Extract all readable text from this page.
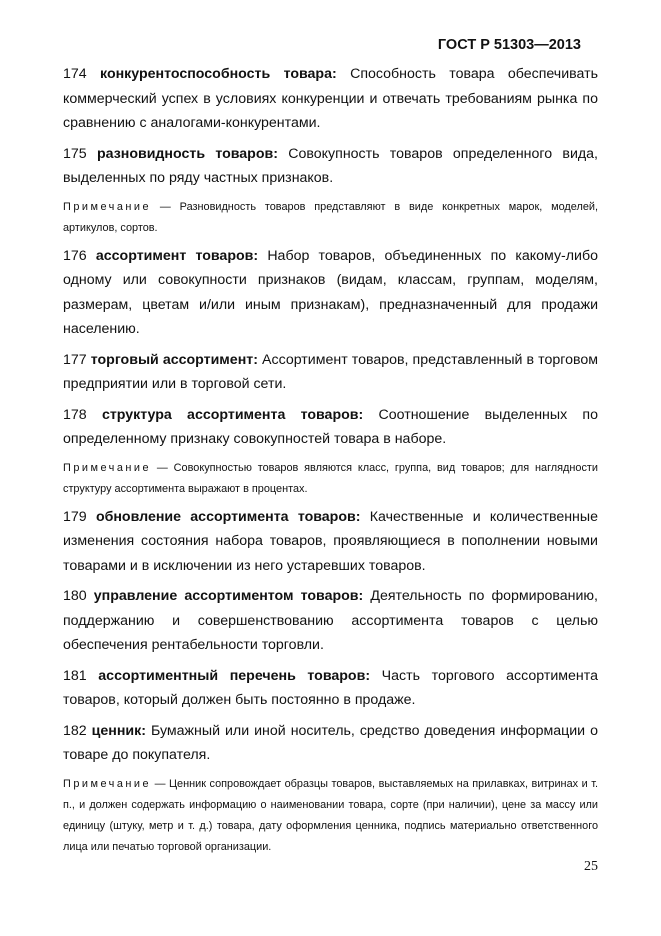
ГОСТ Р 51303—2013

174 конкурентоспособность товара: Способность товара обеспечивать коммерческий успех в условиях конкуренции и отвечать требованиям рынка по сравнению с аналогами-конкурентами.

175 разновидность товаров: Совокупность товаров определенного вида, выделенных по ряду частных признаков.

Примечание — Разновидность товаров представляют в виде конкретных марок, моделей, артикулов, сортов.

176 ассортимент товаров: Набор товаров, объединенных по какому-либо одному или совокупности признаков (видам, классам, группам, моделям, размерам, цветам и/или иным признакам), предназначенный для продажи населению.

177 торговый ассортимент: Ассортимент товаров, представленный в торговом предприятии или в торговой сети.

178 структура ассортимента товаров: Соотношение выделенных по определенному признаку совокупностей товара в наборе.

Примечание — Совокупностью товаров являются класс, группа, вид товаров; для наглядности структуру ассортимента выражают в процентах.

179 обновление ассортимента товаров: Качественные и количественные изменения состояния набора товаров, проявляющиеся в пополнении новыми товарами и в исключении из него устаревших товаров.

180 управление ассортиментом товаров: Деятельность по формированию, поддержанию и совершенствованию ассортимента товаров с целью обеспечения рентабельности торговли.

181 ассортиментный перечень товаров: Часть торгового ассортимента товаров, который должен быть постоянно в продаже.

182 ценник: Бумажный или иной носитель, средство доведения информации о товаре до покупателя.

Примечание — Ценник сопровождает образцы товаров, выставляемых на прилавках, витринах и т. п., и должен содержать информацию о наименовании товара, сорте (при наличии), цене за массу или единицу (штуку, метр и т. д.) товара, дату оформления ценника, подпись материально ответственного лица или печатью торговой организации.

25
